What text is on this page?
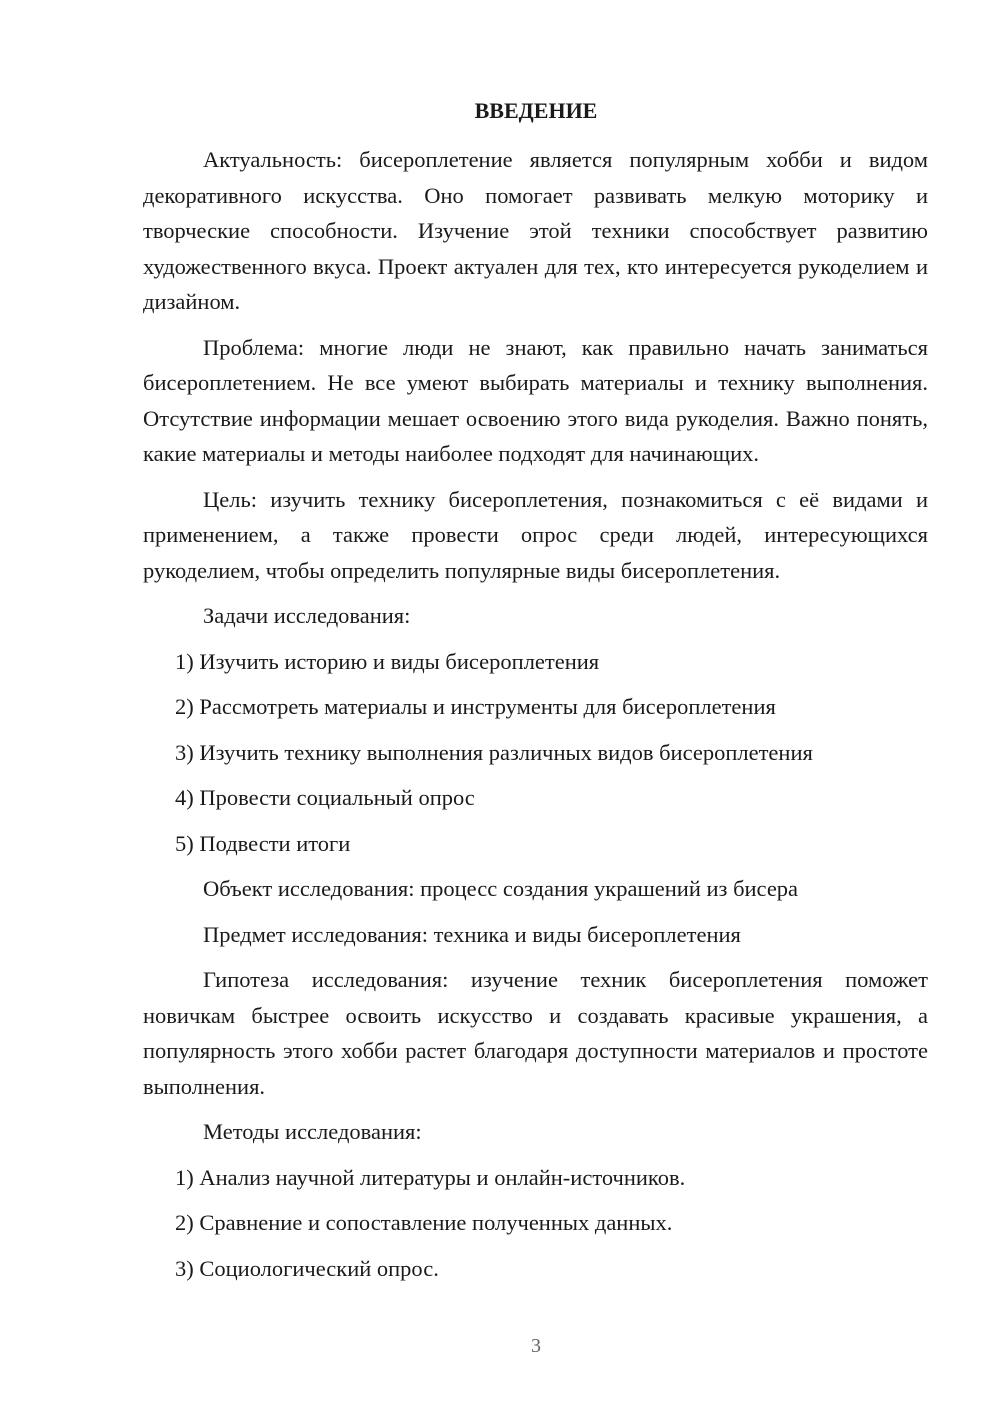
ВВЕДЕНИЕ

Актуальность: бисероплетение является популярным хобби и видом декоративного искусства. Оно помогает развивать мелкую моторику и творческие способности. Изучение этой техники способствует развитию художественного вкуса. Проект актуален для тех, кто интересуется рукоделием и дизайном.

Проблема: многие люди не знают, как правильно начать заниматься бисероплетением. Не все умеют выбирать материалы и технику выполнения. Отсутствие информации мешает освоению этого вида рукоделия. Важно понять, какие материалы и методы наиболее подходят для начинающих.

Цель: изучить технику бисероплетения, познакомиться с её видами и применением, а также провести опрос среди людей, интересующихся рукоделием, чтобы определить популярные виды бисероплетения.

Задачи исследования:

1) Изучить историю и виды бисероплетения

2) Рассмотреть материалы и инструменты для бисероплетения

3) Изучить технику выполнения различных видов бисероплетения

4) Провести социальный опрос

5) Подвести итоги

Объект исследования: процесс создания украшений из бисера

Предмет исследования: техника и виды бисероплетения

Гипотеза исследования: изучение техник бисероплетения поможет новичкам быстрее освоить искусство и создавать красивые украшения, а популярность этого хобби растет благодаря доступности материалов и простоте выполнения.

Методы исследования:

1) Анализ научной литературы и онлайн-источников.

2) Сравнение и сопоставление полученных данных.

3) Социологический опрос.

3
